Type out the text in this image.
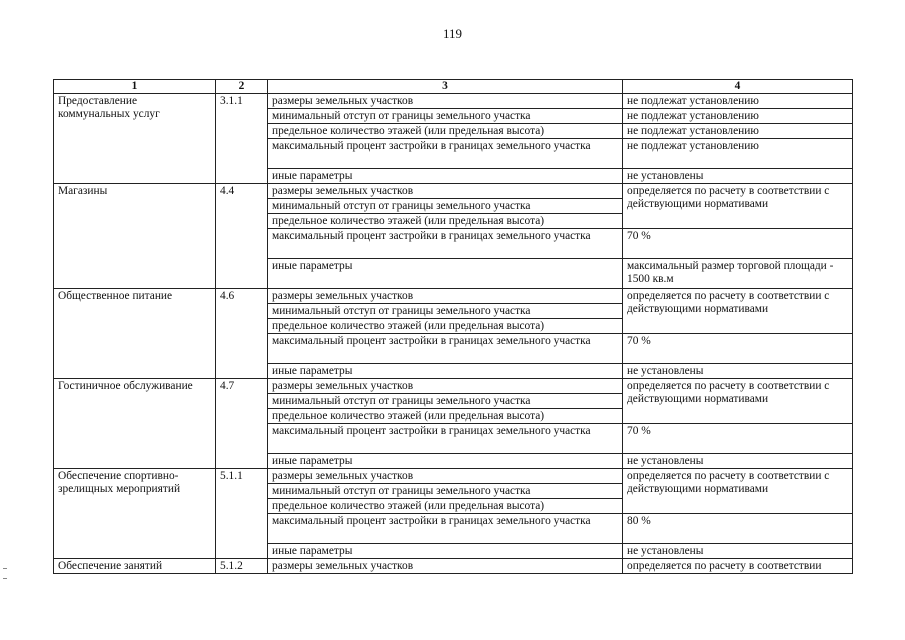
119
1	2	3	4
Предоставление коммунальных услуг	3.1.1	размеры земельных участков	не подлежат установлению
		минимальный отступ от границы земельного участка	не подлежат установлению
		предельное количество этажей (или предельная высота)	не подлежат установлению
		максимальный процент застройки в границах земельного участка	не подлежат установлению
		иные параметры	не установлены
Магазины	4.4	размеры земельных участков	определяется по расчету в соответствии с действующими нормативами
		минимальный отступ от границы земельного участка	
		предельное количество этажей (или предельная высота)	
		максимальный процент застройки в границах земельного участка	70 %
		иные параметры	максимальный размер торговой площади - 1500 кв.м
Общественное питание	4.6	размеры земельных участков	определяется по расчету в соответствии с действующими нормативами
		минимальный отступ от границы земельного участка	
		предельное количество этажей (или предельная высота)	
		максимальный процент застройки в границах земельного участка	70 %
		иные параметры	не установлены
Гостиничное обслуживание	4.7	размеры земельных участков	определяется по расчету в соответствии с действующими нормативами
		минимальный отступ от границы земельного участка	
		предельное количество этажей (или предельная высота)	
		максимальный процент застройки в границах земельного участка	70 %
		иные параметры	не установлены
Обеспечение спортивно-зрелищных мероприятий	5.1.1	размеры земельных участков	определяется по расчету в соответствии с действующими нормативами
		минимальный отступ от границы земельного участка	
		предельное количество этажей (или предельная высота)	
		максимальный процент застройки в границах земельного участка	80 %
		иные параметры	не установлены
Обеспечение занятий	5.1.2	размеры земельных участков	определяется по расчету в соответствии
